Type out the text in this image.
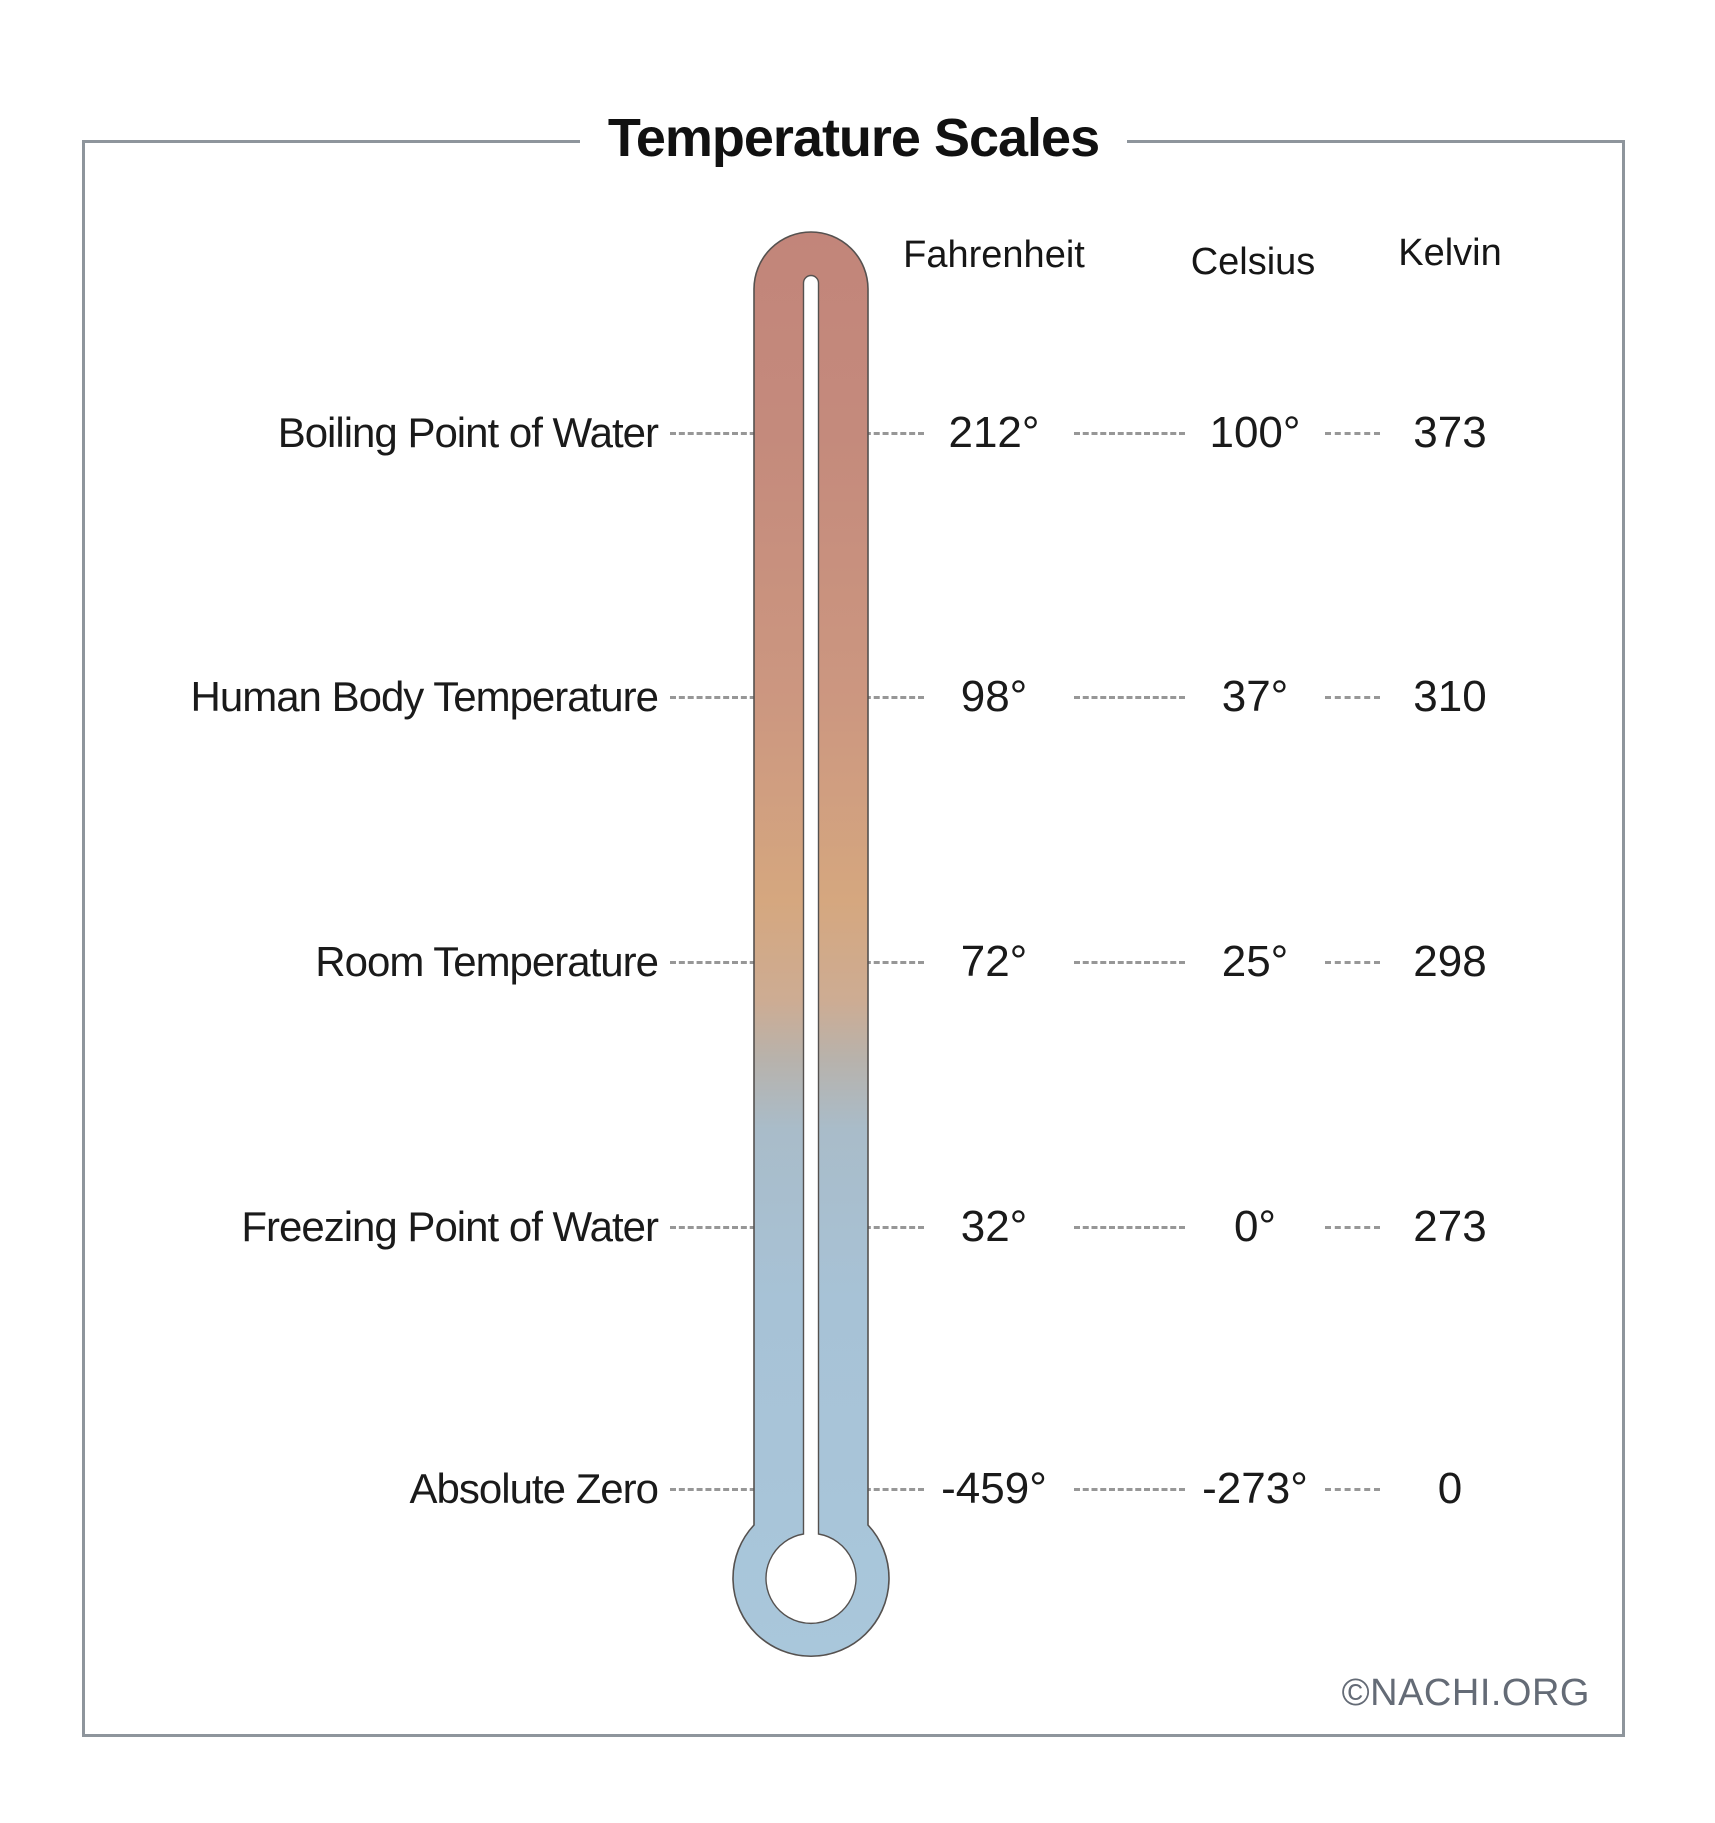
Temperature Scales
Fahrenheit	Celsius	Kelvin
Boiling Point of Water	212°	100°	373
Human Body Temperature	98°	37°	310
Room Temperature	72°	25°	298
Freezing Point of Water	32°	0°	273
Absolute Zero	-459°	-273°	0
©NACHI.ORG
